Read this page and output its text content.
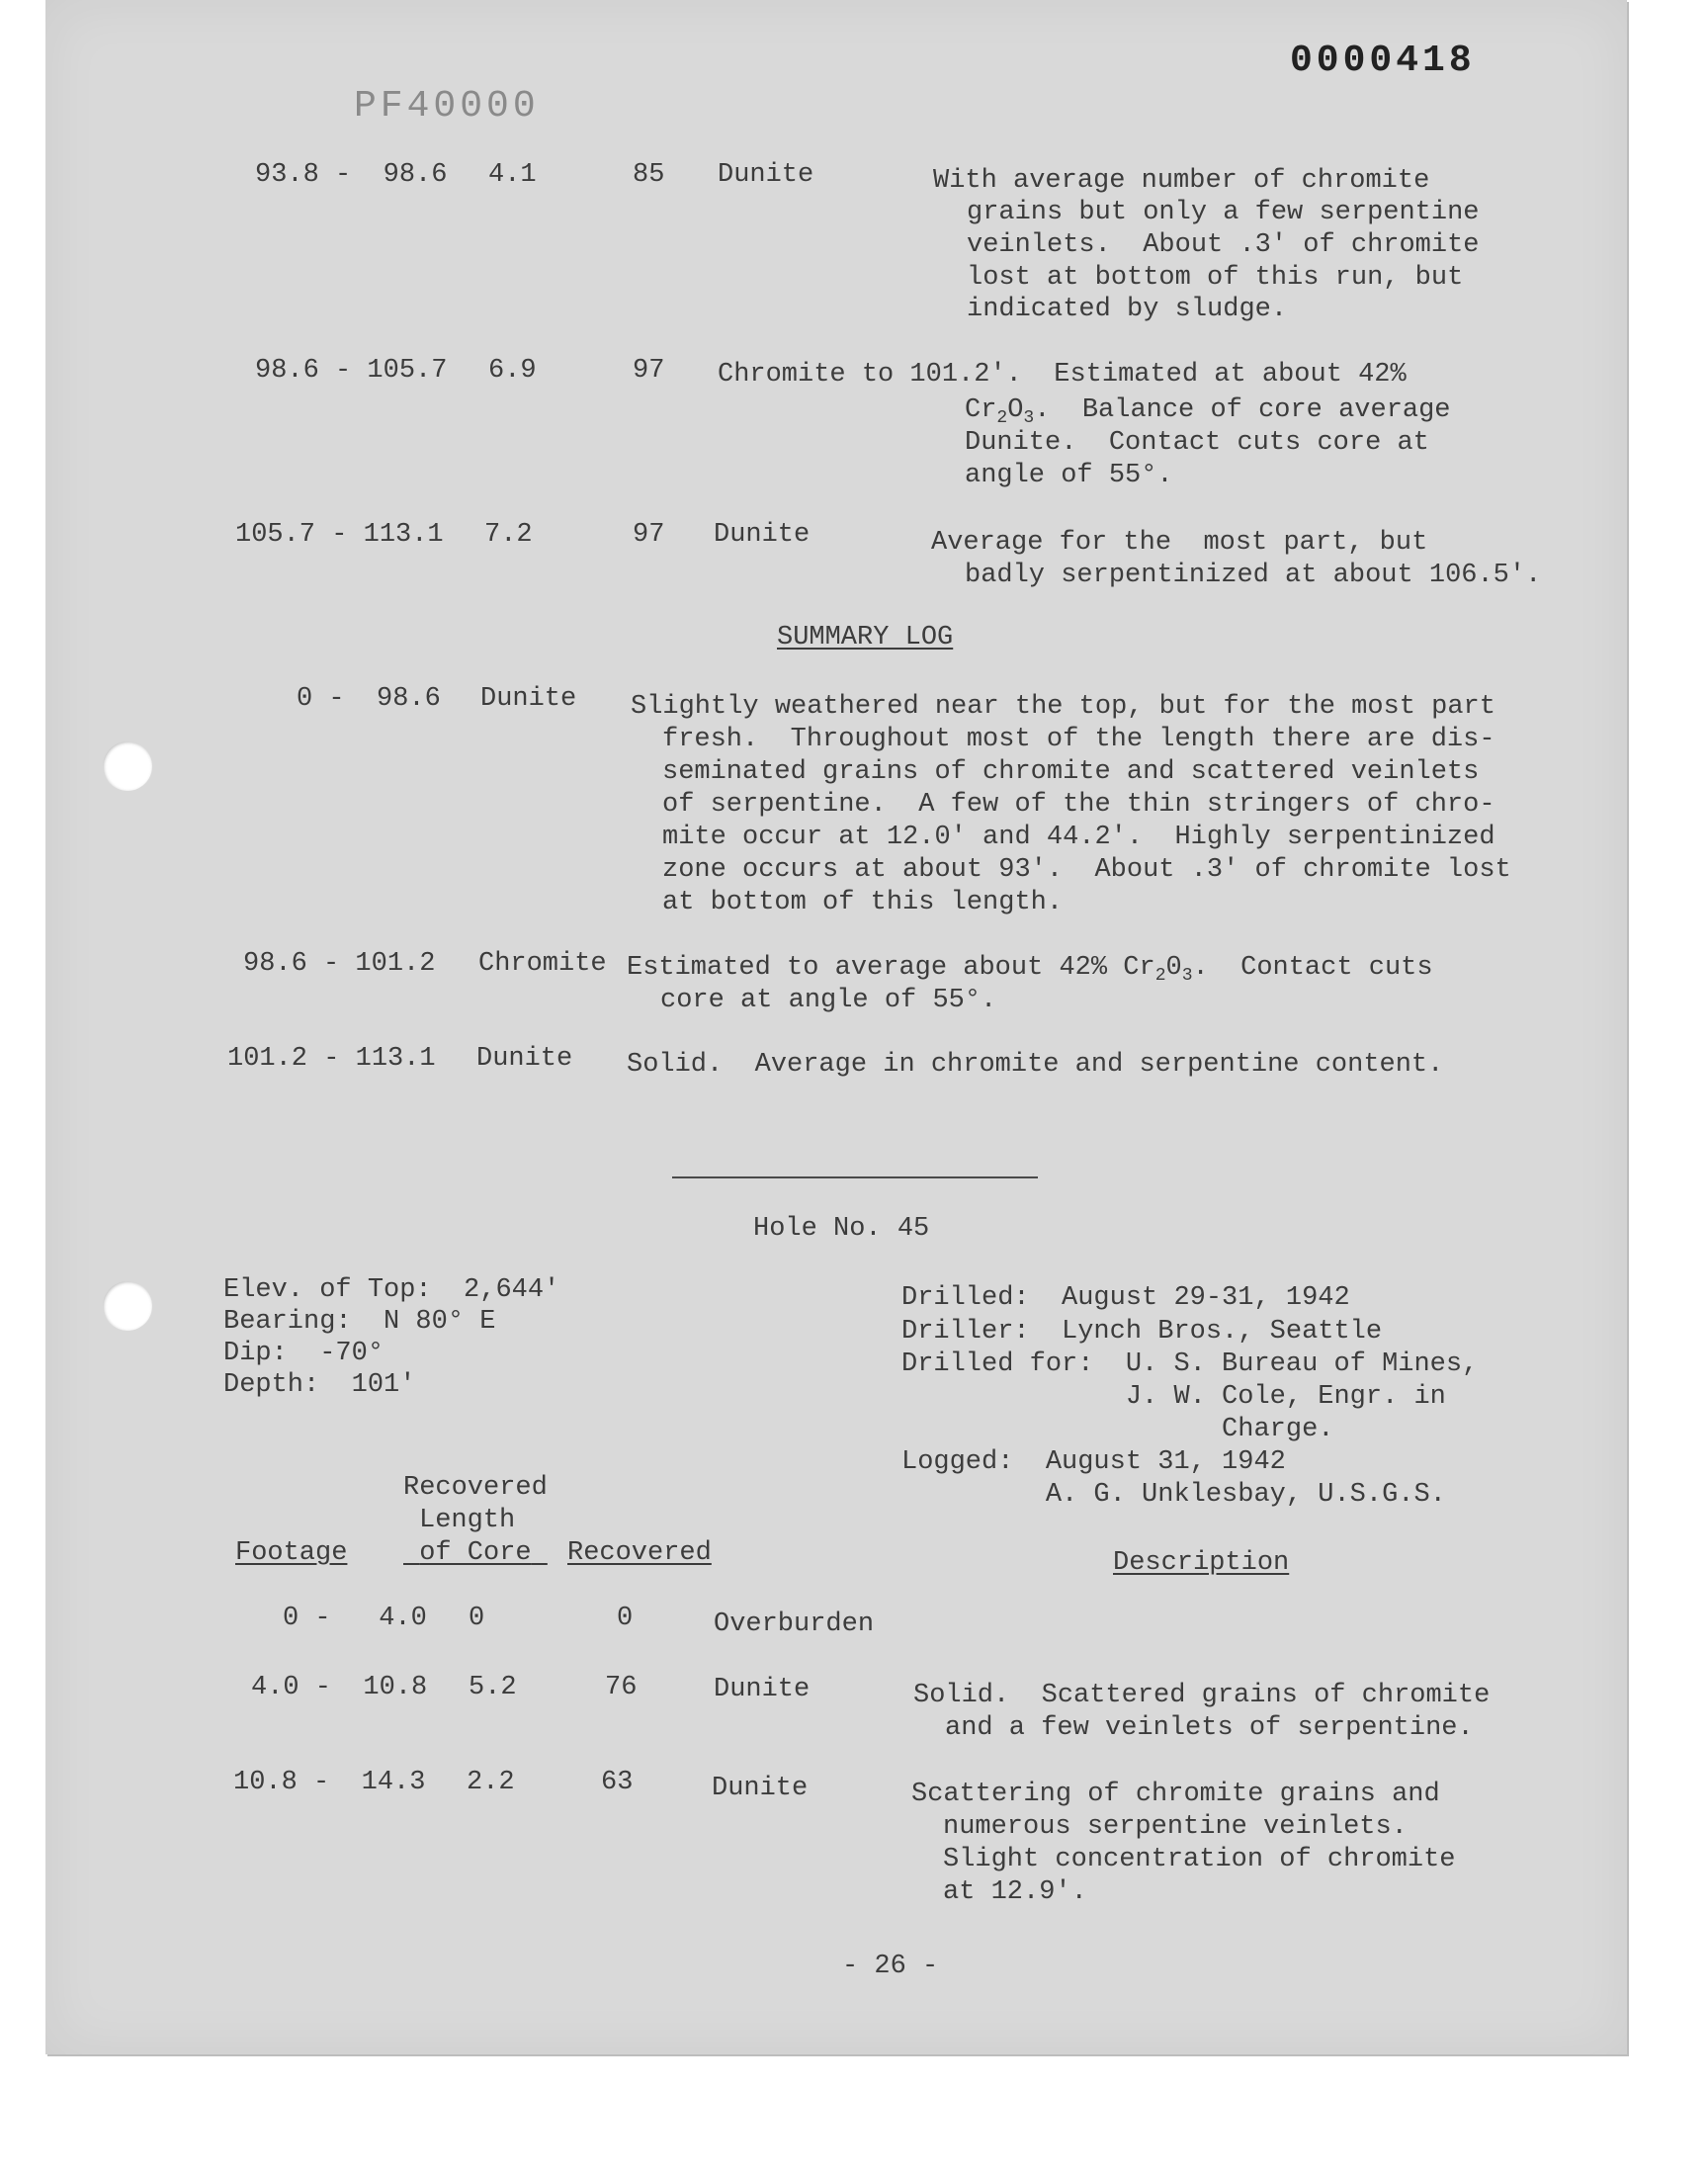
0000418
PF40000
93.8 -  98.6 4.1	85 Dunite	With average number of chromite
grains but only a few serpentine
veinlets.  About .3' of chromite
lost at bottom of this run, but
indicated by sludge.
98.6 - 105.7 6.9	97 Chromite to 101.2'.  Estimated at about 42%
$Cr_2O_3$.  Balance of core average
Dunite.  Contact cuts core at
angle of 55°.
105.7 - 113.1 7.2	97 Dunite	Average for the  most part, but
badly serpentinized at about 106.5'.
SUMMARY LOG
0 -  98.6 Dunite Slightly weathered near the top, but for the most part
fresh.  Throughout most of the length there are dis-
seminated grains of chromite and scattered veinlets
of serpentine.  A few of the thin stringers of chro-
mite occur at 12.0' and 44.2'.  Highly serpentinized
zone occurs at about 93'.  About .3' of chromite lost
at bottom of this length.
98.6 - 101.2 Chromite Estimated to average about 42% $Cr_20_3$.  Contact cuts
core at angle of 55°.
101.2 - 113.1 Dunite Solid.  Average in chromite and serpentine content.
Hole No. 45
Elev. of Top:  2,644'
Bearing:  N 80° E
Dip:  -70°
Depth:  101'
Drilled:  August 29-31, 1942
Driller:  Lynch Bros., Seattle
Drilled for:  U. S. Bureau of Mines,
J. W. Cole, Engr. in
Charge.
Logged:  August 31, 1942
A. G. Unklesbay, U.S.G.S.
Recovered
Length
Footage	of Core	Recovered	Description
0 -   4.0 0	0	Overburden
4.0 -  10.8 5.2	76	Dunite	Solid.  Scattered grains of chromite
and a few veinlets of serpentine.
10.8 -  14.3 2.2	63	Dunite	Scattering of chromite grains and
numerous serpentine veinlets.
Slight concentration of chromite
at 12.9'.
- 26 -
